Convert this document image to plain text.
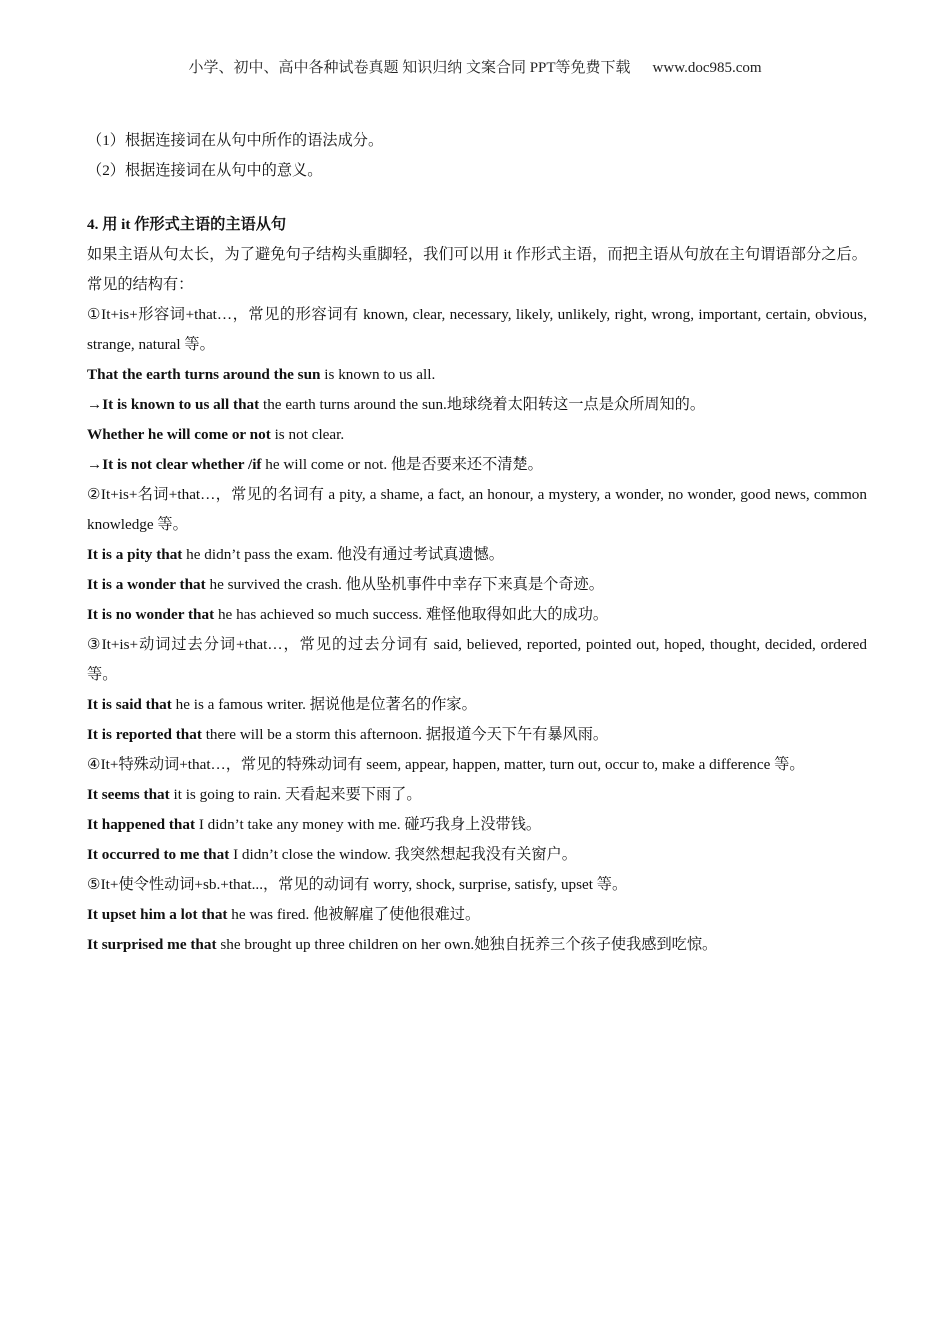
小学、初中、高中各种试卷真题 知识归纳 文案合同 PPT等免费下载 www.doc985.com
（1）根据连接词在从句中所作的语法成分。
（2）根据连接词在从句中的意义。
4. 用 it 作形式主语的主语从句
如果主语从句太长，为了避免句子结构头重脚轻，我们可以用 it 作形式主语，而把主语从句放在主句谓语部分之后。常见的结构有：
①It+is+形容词+that…，常见的形容词有 known, clear, necessary, likely, unlikely, right, wrong, important, certain, obvious, strange, natural 等。
That the earth turns around the sun is known to us all.
→It is known to us all that the earth turns around the sun.地球绕着太阳转这一点是众所周知的。
Whether he will come or not is not clear.
→It is not clear whether /if he will come or not. 他是否要来还不清楚。
②It+is+名词+that…，常见的名词有 a pity, a shame, a fact, an honour, a mystery, a wonder, no wonder, good news, common knowledge 等。
It is a pity that he didn’t pass the exam. 他没有通过考试真遗憾。
It is a wonder that he survived the crash. 他从坠机事件中幸存下来真是个奇迹。
It is no wonder that he has achieved so much success. 难怪他取得如此大的成功。
③It+is+动词过去分词+that…，常见的过去分词有 said, believed, reported, pointed out, hoped, thought, decided, ordered 等。
It is said that he is a famous writer. 据说他是位著名的作家。
It is reported that there will be a storm this afternoon. 据报道今天下午有暴风雨。
④It+特殊动词+that…，常见的特殊动词有 seem, appear, happen, matter, turn out, occur to, make a difference 等。
It seems that it is going to rain. 天看起来要下雨了。
It happened that I didn’t take any money with me. 碰巧我身上没带钱。
It occurred to me that I didn’t close the window. 我突然想起我没有关窗户。
⑤It+使令性动词+sb.+that...，常见的动词有 worry, shock, surprise, satisfy, upset 等。
It upset him a lot that he was fired. 他被解雇了使他很难过。
It surprised me that she brought up three children on her own.她独自抚养三个孩子使我感到吃惊。
